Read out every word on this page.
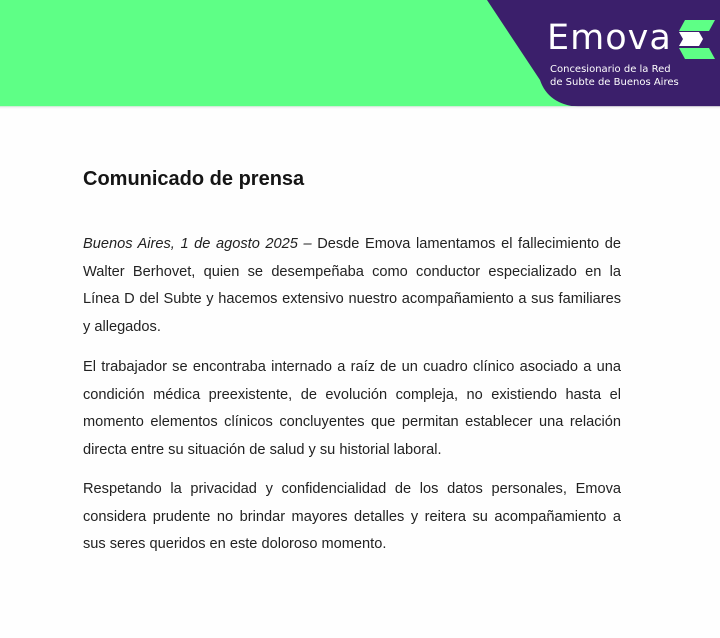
Emova
Concesionario de la Red
de Subte de Buenos Aires
Comunicado de prensa

Buenos Aires, 1 de agosto 2025 – Desde Emova lamentamos el fallecimiento de Walter Berhovet, quien se desempeñaba como conductor especializado en la Línea D del Subte y hacemos extensivo nuestro acompañamiento a sus familiares y allegados.

El trabajador se encontraba internado a raíz de un cuadro clínico asociado a una condición médica preexistente, de evolución compleja, no existiendo hasta el momento elementos clínicos concluyentes que permitan establecer una relación directa entre su situación de salud y su historial laboral.

Respetando la privacidad y confidencialidad de los datos personales, Emova considera prudente no brindar mayores detalles y reitera su acompañamiento a sus seres queridos en este doloroso momento.
